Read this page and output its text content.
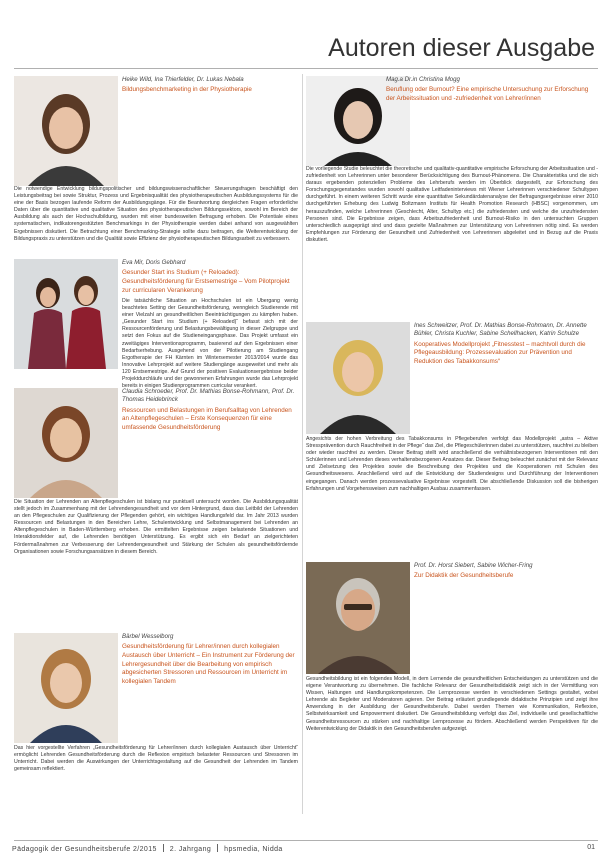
Autoren dieser Ausgabe
Heike Wild, Ina Thierfelder, Dr. Lukas Nebala
Bildungsbenchmarketing in der Physiotherapie
Die notwendige Entwicklung bildungspolitischer und bildungswissenschaftlicher Steuerungsfragen beschäftigt den Leistungsbeitrag bei sowie Struktur, Prozess und Ergebnisqualität des physiotherapeutischen Ausbildungssystems für die eine der Basis bezogen laufende Reform der Ausbildungsgänge. Für die Beantwortung dergleichen Fragen erforderliche Daten über die quantitative und qualitative Situation des physiotherapeutischen Bildungssektors, sowohl im Bereich der Ausbildung als auch der Hochschulbildung, wurden mit einer bundesweiten Befragung erhoben. Die Potentiale eines systematischen, indikatorengestützten Benchmarkings in der Physiotherapie werden dabei anhand von ausgewählten Ergebnissen diskutiert. Die Betrachtung einer Benchmarking-Strategie sollte dazu beitragen, die Weiterentwicklung der Bildungspraxis zu unterstützen und die Qualität sowie Effizienz der physiotherapeutischen Bildungsarbeit zu verbessern.
Eva Mir, Doris Gebhard
Gesunder Start ins Studium (+ Reloaded): Gesundheitsförderung für Erstsemestrige – Vom Pilotprojekt zur curricularen Verankerung
Die tatsächliche Situation an Hochschulen ist ein Übergang wenig beachtetes Setting der Gesundheitsförderung, wenngleich Studierende mit einer Vielzahl an gesundheitlichen Beeinträchtigungen zu kämpfen haben. „Gesunder Start ins Studium (+ Reloaded)“ befasst sich mit der Ressourcenförderung und Belastungsbewältigung in dieser Zielgruppe und setzt den Fokus auf die Studieneingangsphase. Das Projekt umfasst ein zweitägiges Interventionsprogramm, basierend auf den Ergebnissen einer Bedarfserhebung. Ausgehend von der Pilotierung am Studiengang Ergotherapie der FH Kärnten im Wintersemester 2013/2014 wurde das Innovative Lehrprojekt auf weitere Studiengänge ausgeweitet und mehr als 120 Erstsemestrige. Auf Grund der positiven Evaluationsergebnisse beider Projektdurchläufe und der gewonnenen Erfahrungen wurde das Lehrprojekt bereits in einigen Studienprogrammen curricular verankert.
Claudia Schroeder, Prof. Dr. Mathias Bonse-Rohmann, Prof. Dr. Thomas Heidebrinck
Ressourcen und Belastungen im Berufsalltag von Lehrenden an Altenpflegeschulen – Erste Konsequenzen für eine umfassende Gesundheitsförderung
Die Situation der Lehrenden an Altenpflegeschulen ist bislang nur punktuell untersucht worden. Die Ausbildungsqualität stellt jedoch im Zusammenhang mit der Lehrendengesundheit und vor dem Hintergrund, dass das Leitbild der Lehrenden an den Pflegeschulen zur Qualifizierung der Pflegenden gehört, ein wichtiges Handlungsfeld dar. Im Jahr 2013 wurden Ressourcen und Belastungen in den Bereichen Lehre, Schulentwicklung und Selbstmanagement bei Lehrenden an Altenpflegeschulen in Baden-Württemberg erhoben. Die ermittelten Ergebnisse zeigen belastende Situationen und Interaktionsfelder auf, die Lehrenden benötigen Unterstützung. Es ergibt sich ein Bedarf an zielgerichteten Fördermaßnahmen zur Verbesserung der Lehrendengesundheit und Stärkung der Schulen als gesundheitsfördernde Organisationen sowie Forschungsansätzen in diesem Bereich.
Bärbel Wesselborg
Gesundheitsförderung für Lehrer/innen durch kollegialen Austausch über Unterricht – Ein Instrument zur Förderung der Lehrergesundheit über die Bearbeitung von empirisch abgesicherten Stressoren und Ressourcen im Unterricht im kollegialen Tandem
Das hier vorgestellte Verfahren „Gesundheitsförderung für Lehrer/innen durch kollegialen Austausch über Unterricht“ ermöglicht Lehrenden Gesundheitsförderung durch die Reflexion empirisch belasteter Ressourcen und Stressoren im Unterricht. Dabei werden die Auswirkungen der Unterrichtsgestaltung auf die Gesundheit der Lehrenden im Tandem gemeinsam reflektiert.
Mag.a Dr.in Christina Mogg
Beruflung oder Burnout? Eine empirische Untersuchung zur Erforschung der Arbeitssituation und -zufriedenheit von Lehrer/innen
Die vorliegende Studie beleuchtet die theoretische und qualitativ-quantitative empirische Erforschung der Arbeitssituation und -zufriedenheit von Lehrerinnen unter besonderer Berücksichtigung des Burnout-Phänomens. Die Charakteristika und die sich daraus ergebenden potenziellen Probleme des Lehrberufs werden im Überblick dargestellt, zur Erforschung des Forschungsgegenstandes wurden sowohl qualitative Leitfadeninterviews mit Wiener Lehrerinnen verschiedener Schultypen durchgeführt. In einem weiteren Schritt wurde eine quantitative Sekundärdatenanalyse der Befragungsergebnisse einer 2010 durchgeführten Erhebung des Ludwig Boltzmann Instituts für Health Promotion Research (HBSC) vorgenommen, um herauszufinden, welche Lehrerinnen (Geschlecht, Alter, Schultyp etc.) die zufriedensten und welche die unzufriedensten Personen sind. Die Ergebnisse zeigen, dass Arbeitszufriedenheit und Burnout-Risiko in den untersuchten Gruppen unterschiedlich ausgeprägt sind und dass gezielte Maßnahmen zur Unterstützung von Lehrerinnen nötig sind. Es werden Empfehlungen zur Förderung der Gesundheit und Zufriedenheit von Lehrerinnen abgeleitet und in Bezug auf die Praxis diskutiert.
Ines Schweitzer, Prof. Dr. Mathias Bonse-Rohmann, Dr. Annette Bühler, Christa Kuchler, Sabine Schellhacken, Katrin Schulze
Kooperatives Modellprojekt „Fitnesstest – machtvoll durch die Pflegeausbildung: Prozessevaluation zur Prävention und Reduktion des Tabakkonsums“
Angesichts der hohen Verbreitung des Tabakkonsums in Pflegeberufen verfolgt das Modellprojekt „astra – Aktive Stressprävention durch Rauchfreiheit in der Pflege“ das Ziel, die Pflegeschülerinnen dabei zu unterstützen, rauchfrei zu bleiben oder wieder rauchfrei zu werden. Dieser Beitrag stellt wird anschließend die verhältnisbezogenen Interventionen mit den Schülerinnen und Lehrenden dieses verhaltensbezogenen Ansatzes dar. Dieser Beitrag beleuchtet zunächst mit der Relevanz und Zielsetzung des Projektes sowie die Beschreibung des Projektes und die Kooperationen mit Schulen des Gesundheitswesens. Anschließend wird auf die Entwicklung der Studiendesigns und Durchführung der Interventionen eingegangen. Danach werden prozessevaluative Ergebnisse vorgestellt. Die abschließende Diskussion soll die bisherigen Erfahrungen und Vorgehensweisen zum nachhaltigen Ausbau zusammenfassen.
Prof. Dr. Horst Siebert, Sabine Wicher-Fring
Zur Didaktik der Gesundheitsberufe
Gesundheitsbildung ist ein folgendes Modell, in dem Lernende die gesundheitlichen Entscheidungen zu unterstützen und die eigene Verantwortung zu übernehmen. Die fachliche Relevanz der Gesundheitsdidaktik zeigt sich in der Vermittlung von Wissen, Haltungen und Handlungskompetenzen. Die Lernprozesse werden in verschiedenen Settings gestaltet, wobei Lehrende als Begleiter und Moderatoren agieren. Der Beitrag erläutert grundlegende didaktische Prinzipien und zeigt ihre Anwendung in der Ausbildung der Gesundheitsberufe. Dabei werden Themen wie Kommunikation, Reflexion, Selbstwirksamkeit und Empowerment diskutiert. Die Gesundheitsbildung verfolgt das Ziel, individuelle und gesellschaftliche Gesundheitsressourcen zu stärken und nachhaltige Lernprozesse zu fördern. Abschließend werden Perspektiven für die Weiterentwicklung der Didaktik in den Gesundheitsberufen aufgezeigt.
Pädagogik der Gesundheitsberufe 2/2015 2. Jahrgang hpsmedia, Nidda	01
